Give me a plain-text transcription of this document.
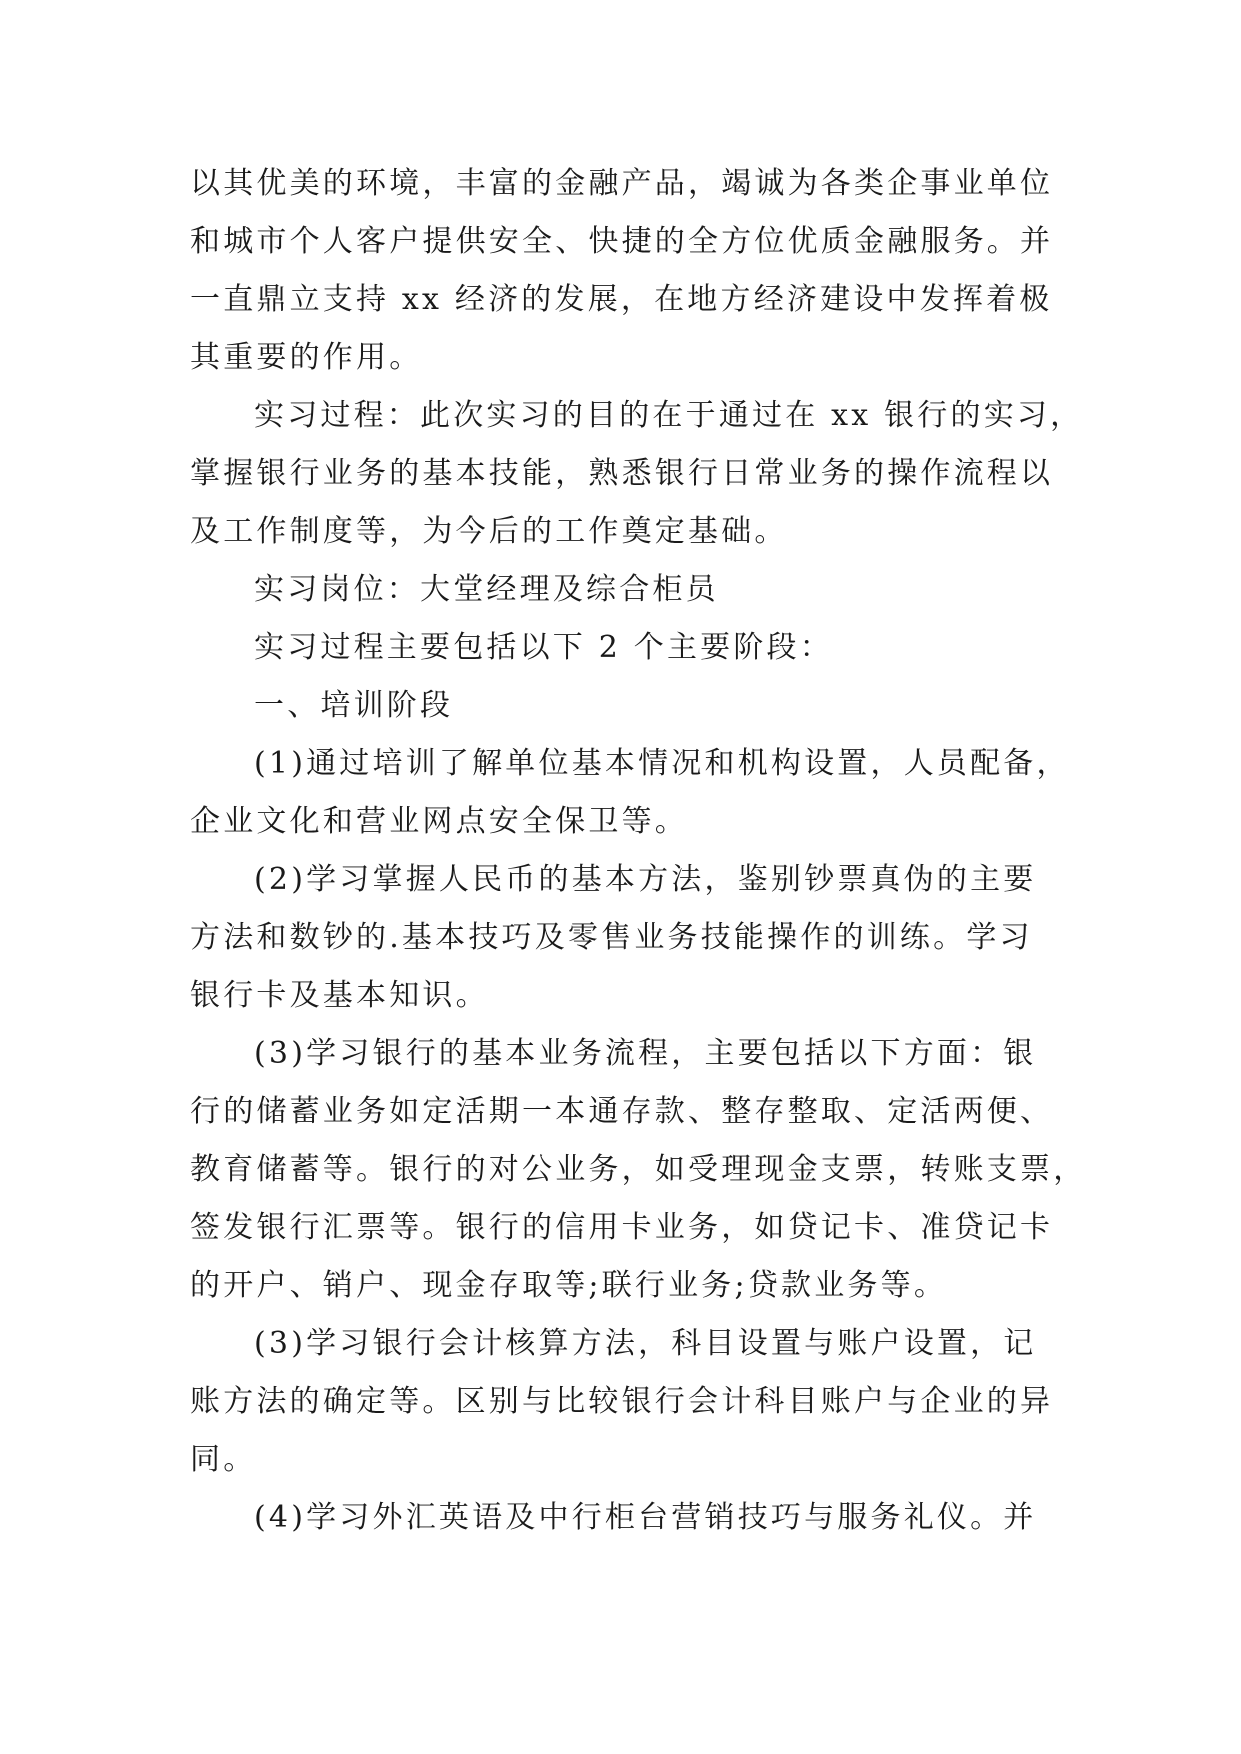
以其优美的环境，丰富的金融产品，竭诚为各类企事业单位
和城市个人客户提供安全、快捷的全方位优质金融服务。并
一直鼎立支持 xx 经济的发展，在地方经济建设中发挥着极
其重要的作用。
实习过程：此次实习的目的在于通过在 xx 银行的实习，
掌握银行业务的基本技能，熟悉银行日常业务的操作流程以
及工作制度等，为今后的工作奠定基础。
实习岗位：大堂经理及综合柜员
实习过程主要包括以下 2 个主要阶段：
一、培训阶段
(1)通过培训了解单位基本情况和机构设置，人员配备，
企业文化和营业网点安全保卫等。
(2)学习掌握人民币的基本方法，鉴别钞票真伪的主要
方法和数钞的.基本技巧及零售业务技能操作的训练。学习
银行卡及基本知识。
(3)学习银行的基本业务流程，主要包括以下方面：银
行的储蓄业务如定活期一本通存款、整存整取、定活两便、
教育储蓄等。银行的对公业务，如受理现金支票，转账支票，
签发银行汇票等。银行的信用卡业务，如贷记卡、准贷记卡
的开户、销户、现金存取等;联行业务;贷款业务等。
(3)学习银行会计核算方法，科目设置与账户设置，记
账方法的确定等。区别与比较银行会计科目账户与企业的异
同。
(4)学习外汇英语及中行柜台营销技巧与服务礼仪。并
